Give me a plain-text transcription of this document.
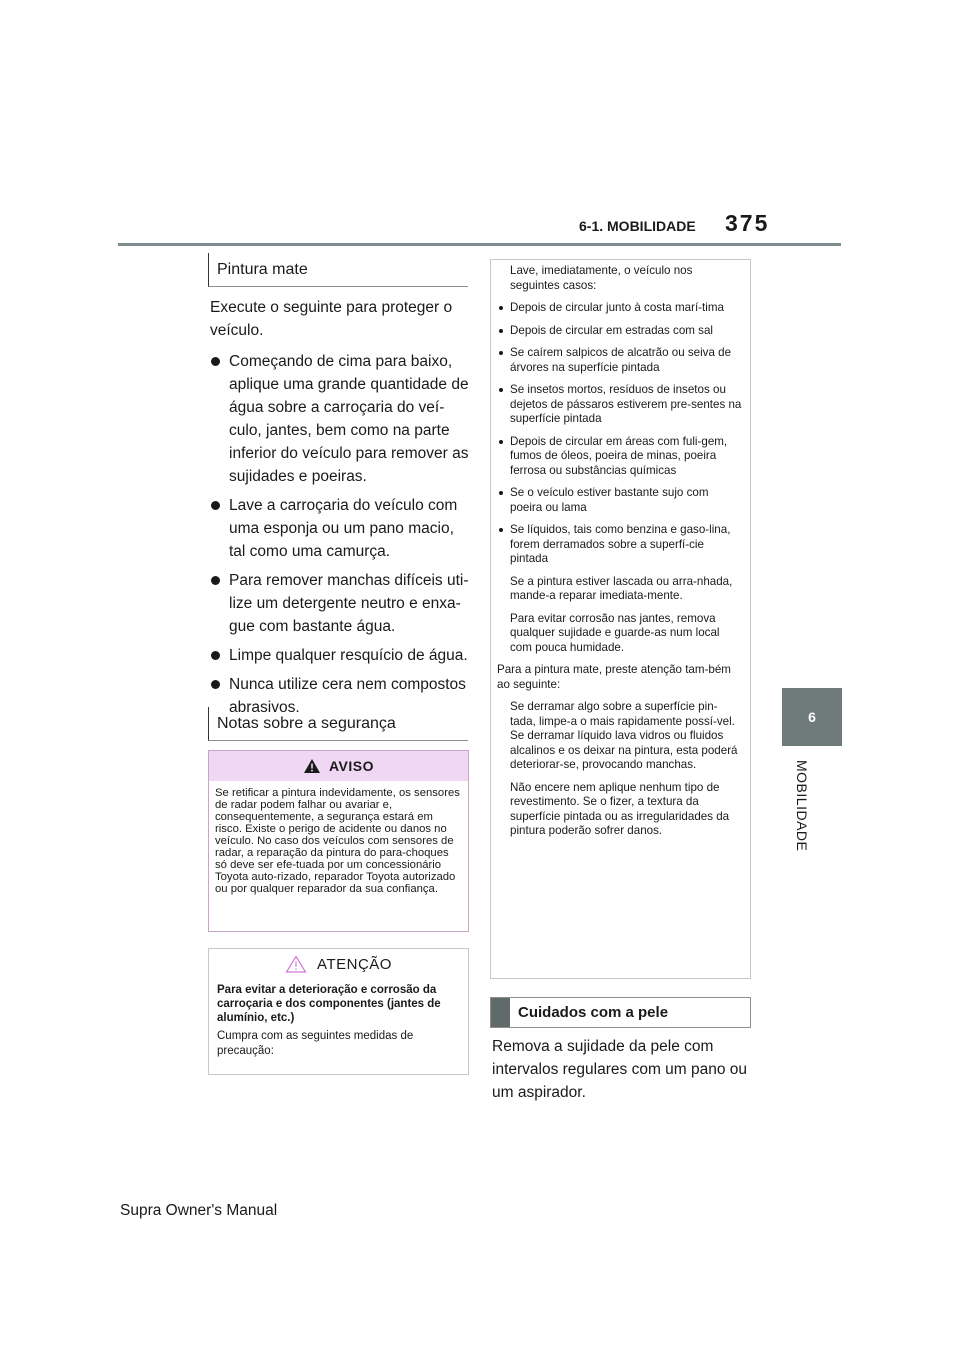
6-1. MOBILIDADE 375
6
MOBILIDADE
Pintura mate
Execute o seguinte para proteger o veículo.
Começando de cima para baixo, aplique uma grande quantidade de água sobre a carroçaria do veí-culo, jantes, bem como na parte inferior do veículo para remover as sujidades e poeiras.
Lave a carroçaria do veículo com uma esponja ou um pano macio, tal como uma camurça.
Para remover manchas difíceis uti-lize um detergente neutro e enxa-gue com bastante água.
Limpe qualquer resquício de água.
Nunca utilize cera nem compostos abrasivos.
Notas sobre a segurança
AVISO
Se retificar a pintura indevidamente, os sensores de radar podem falhar ou avariar e, consequentemente, a segurança estará em risco. Existe o perigo de acidente ou danos no veículo. No caso dos veículos com sensores de radar, a reparação da pintura do para-choques só deve ser efe-tuada por um concessionário Toyota auto-rizado, reparador Toyota autorizado ou por qualquer reparador da sua confiança.
ATENÇÃO
Para evitar a deterioração e corrosão da carroçaria e dos componentes (jantes de alumínio, etc.)
Cumpra com as seguintes medidas de precaução:

Lave, imediatamente, o veículo nos seguintes casos:

Depois de circular junto à costa marí-tima
Depois de circular em estradas com sal
Se caírem salpicos de alcatrão ou seiva de árvores na superfície pintada
Se insetos mortos, resíduos de insetos ou dejetos de pássaros estiverem pre-sentes na superfície pintada
Depois de circular em áreas com fuli-gem, fumos de óleos, poeira de minas, poeira ferrosa ou substâncias químicas
Se o veículo estiver bastante sujo com poeira ou lama
Se líquidos, tais como benzina e gaso-lina, forem derramados sobre a superfí-cie pintada

Se a pintura estiver lascada ou arra-nhada, mande-a reparar imediata-mente.

Para evitar corrosão nas jantes, remova qualquer sujidade e guarde-as num local com pouca humidade.

Para a pintura mate, preste atenção tam-bém ao seguinte:

Se derramar algo sobre a superfície pin-tada, limpe-a o mais rapidamente possí-vel. Se derramar líquido lava vidros ou fluidos alcalinos e os deixar na pintura, esta poderá deteriorar-se, provocando manchas.

Não encere nem aplique nenhum tipo de revestimento. Se o fizer, a textura da superfície pintada ou as irregularidades da pintura poderão sofrer danos.

Cuidados com a pele
Remova a sujidade da pele com intervalos regulares com um pano ou um aspirador.
Supra Owner's Manual
